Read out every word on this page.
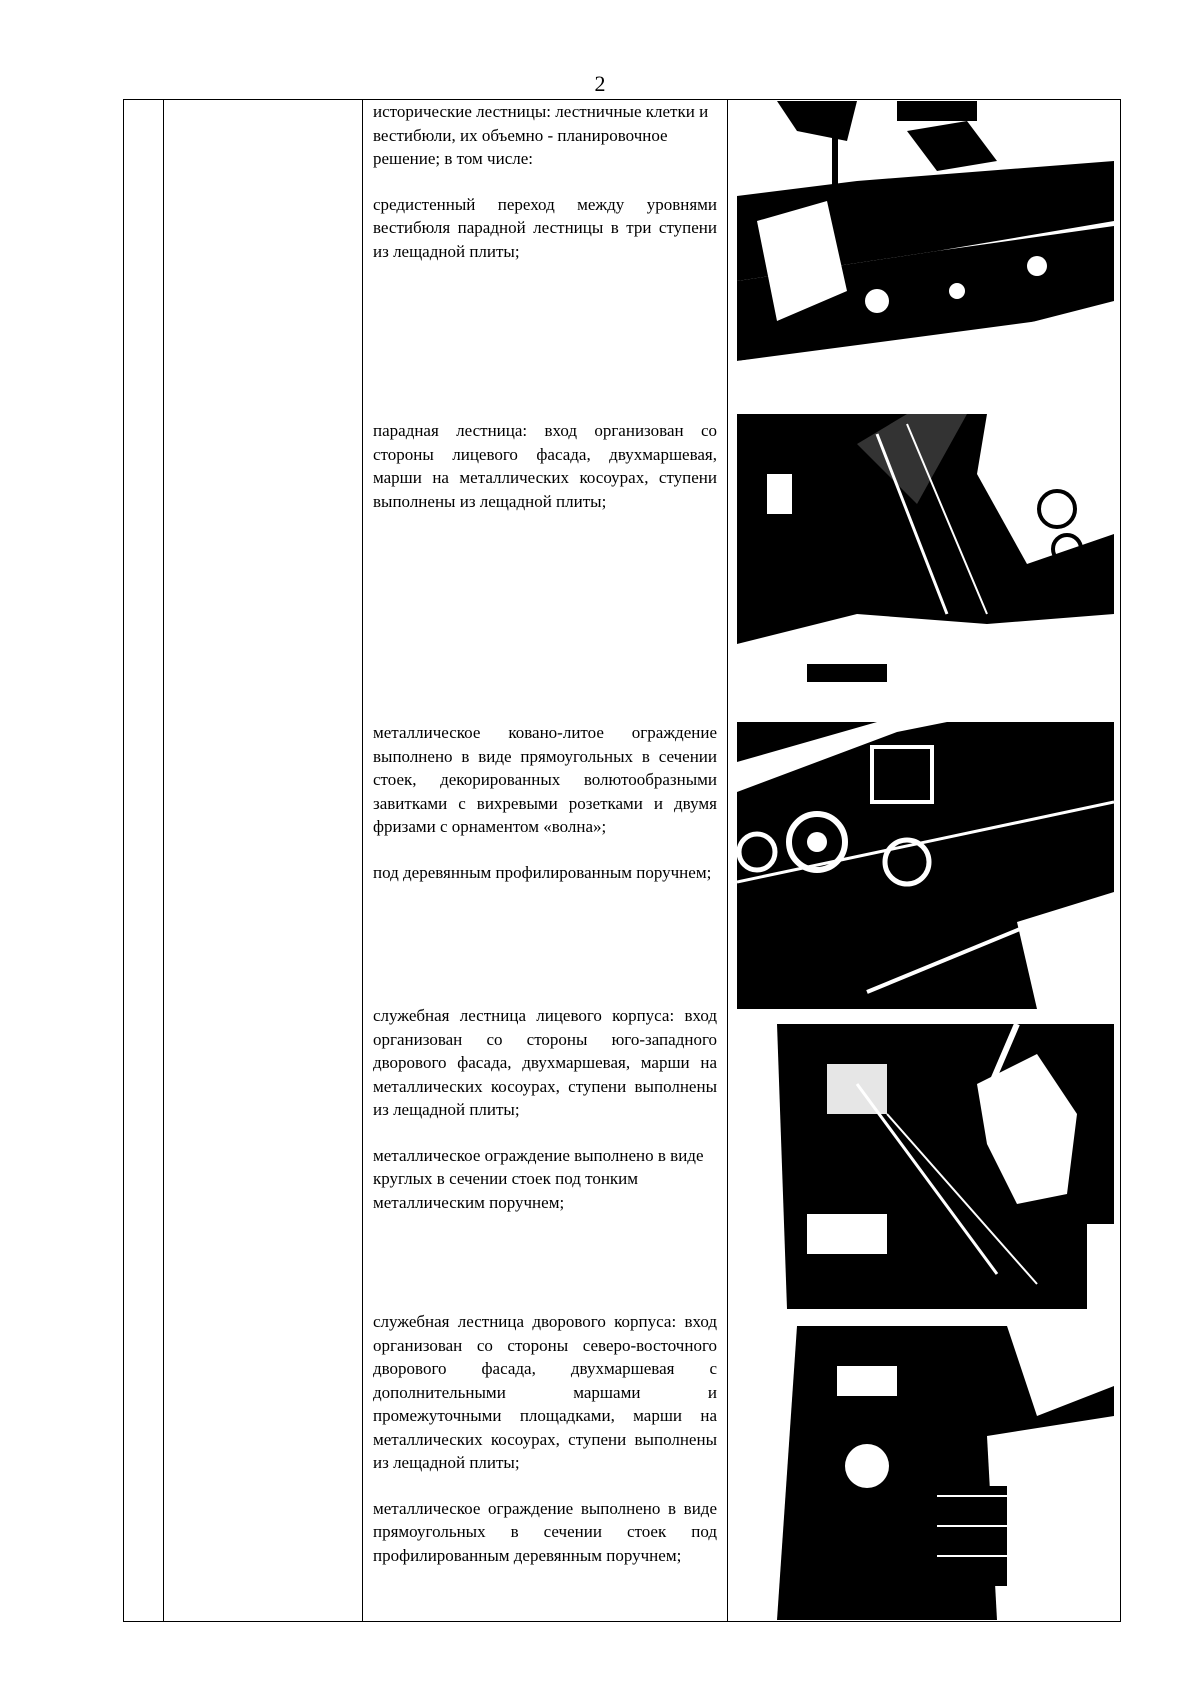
2

исторические лестницы: лестничные клетки и вестибюли, их объемно - планировочное решение; в том числе:

средистенный переход между уровнями вестибюля парадной лестницы в три ступени из лещадной плиты;

парадная лестница: вход организован со стороны лицевого фасада, двухмаршевая, марши на металлических косоурах, ступени выполнены из лещадной плиты;

металлическое ковано-литое ограждение выполнено в виде прямоугольных в сечении стоек, декорированных волютообразными завитками с вихревыми розетками и двумя фризами с орнаментом «волна»;

под деревянным профилированным поручнем;

служебная лестница лицевого корпуса: вход организован со стороны юго-западного дворового фасада, двухмаршевая, марши на металлических косоурах, ступени выполнены из лещадной плиты;

металлическое ограждение выполнено в виде круглых в сечении стоек под тонким металлическим поручнем;

служебная лестница дворового корпуса: вход организован со стороны северо-восточного дворового фасада, двухмаршевая с дополнительными маршами и промежуточными площадками, марши на металлических косоурах, ступени выполнены из лещадной плиты;

металлическое ограждение выполнено в виде прямоугольных в сечении стоек под профилированным деревянным поручнем;
